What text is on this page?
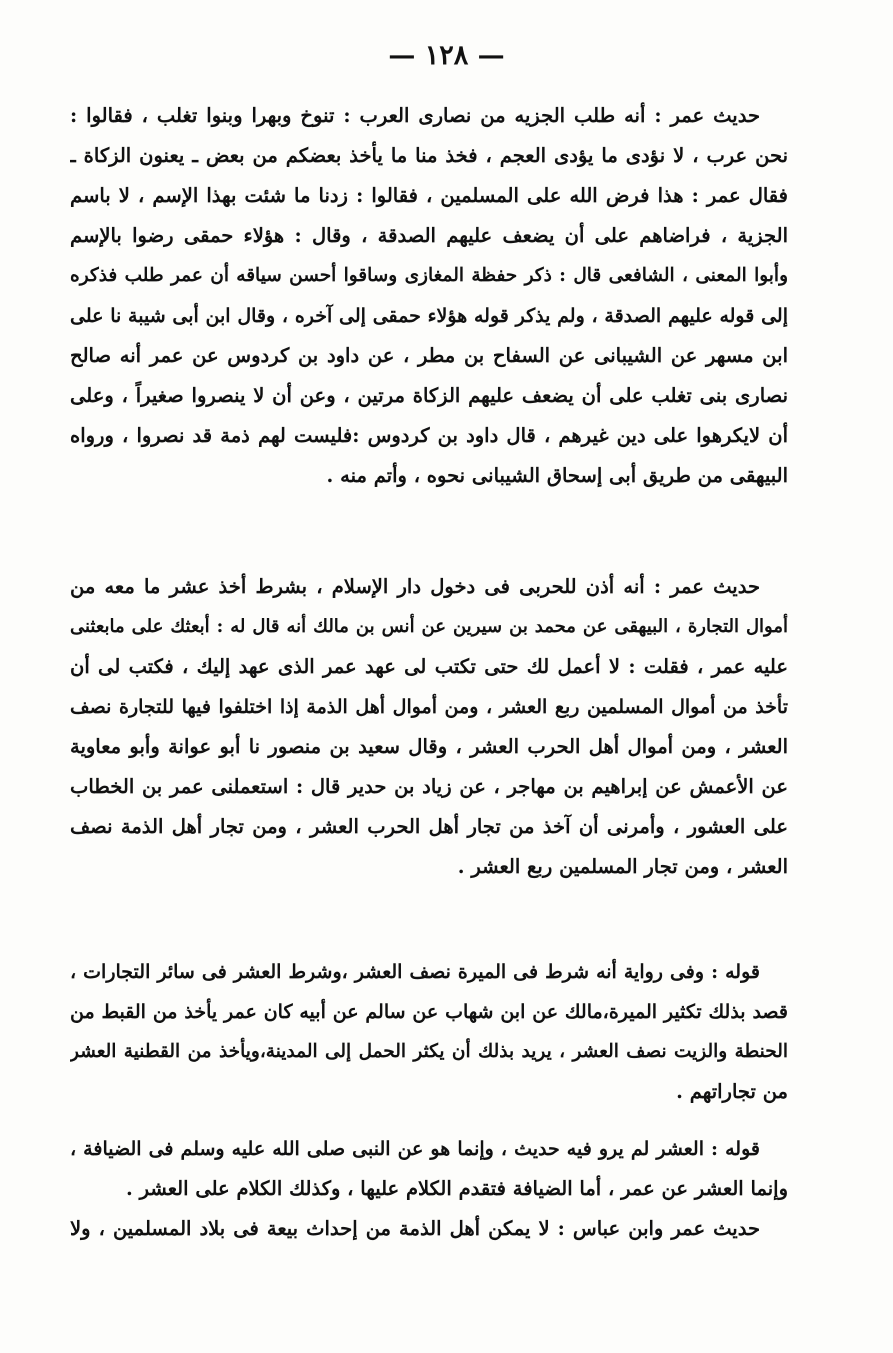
— ١٢٨ —
حديث عمر : أنه طلب الجزيه من نصارى العرب : تنوخ وبهرا وبنوا تغلب ، فقالوا :
نحن عرب ، لا نؤدى ما يؤدى العجم ، فخذ منا ما يأخذ بعضكم من بعض ـ يعنون الزكاة ـ
فقال عمر : هذا فرض الله على المسلمين ، فقالوا : زدنا ما شئت بهذا الإسم ، لا باسم
الجزية ، فراضاهم على أن يضعف عليهم الصدقة ، وقال : هؤلاء حمقى رضوا بالإسم
وأبوا المعنى ، الشافعى قال : ذكر حفظة المغازى وساقوا أحسن سياقه أن عمر طلب فذكره
إلى قوله عليهم الصدقة ، ولم يذكر قوله هؤلاء حمقى إلى آخره ، وقال ابن أبى شيبة نا على
ابن مسهر عن الشيبانى عن السفاح بن مطر ، عن داود بن كردوس عن عمر أنه صالح
نصارى بنى تغلب على أن يضعف عليهم الزكاة مرتين ، وعن أن لا ينصروا صغيراً ، وعلى
أن لايكرهوا على دين غيرهم ، قال داود بن كردوس :فليست لهم ذمة قد نصروا ، ورواه
البيهقى من طريق أبى إسحاق الشيبانى نحوه ، وأتم منه .
حديث عمر : أنه أذن للحربى فى دخول دار الإسلام ، بشرط أخذ عشر ما معه من
أموال التجارة ، البيهقى عن محمد بن سيرين عن أنس بن مالك أنه قال له : أبعثك على مابعثنى
عليه عمر ، فقلت : لا أعمل لك حتى تكتب لى عهد عمر الذى عهد إليك ، فكتب لى أن
تأخذ من أموال المسلمين ربع العشر ، ومن أموال أهل الذمة إذا اختلفوا فيها للتجارة نصف
العشر ، ومن أموال أهل الحرب العشر ، وقال سعيد بن منصور نا أبو عوانة وأبو معاوية
عن الأعمش عن إبراهيم بن مهاجر ، عن زياد بن حدير قال : استعملنى عمر بن الخطاب
على العشور ، وأمرنى أن آخذ من تجار أهل الحرب العشر ، ومن تجار أهل الذمة نصف
العشر ، ومن تجار المسلمين ربع العشر .
قوله : وفى رواية أنه شرط فى الميرة نصف العشر ،وشرط العشر فى سائر التجارات ،
قصد بذلك تكثير الميرة،مالك عن ابن شهاب عن سالم عن أبيه كان عمر يأخذ من القبط من
الحنطة والزيت نصف العشر ، يريد بذلك أن يكثر الحمل إلى المدينة،ويأخذ من القطنية العشر
من تجاراتهم .
قوله : العشر لم يرو فيه حديث ، وإنما هو عن النبى صلى الله عليه وسلم فى الضيافة ،
وإنما العشر عن عمر ، أما الضيافة فتقدم الكلام عليها ، وكذلك الكلام على العشر .
حديث عمر وابن عباس : لا يمكن أهل الذمة من إحداث بيعة فى بلاد المسلمين ، ولا
